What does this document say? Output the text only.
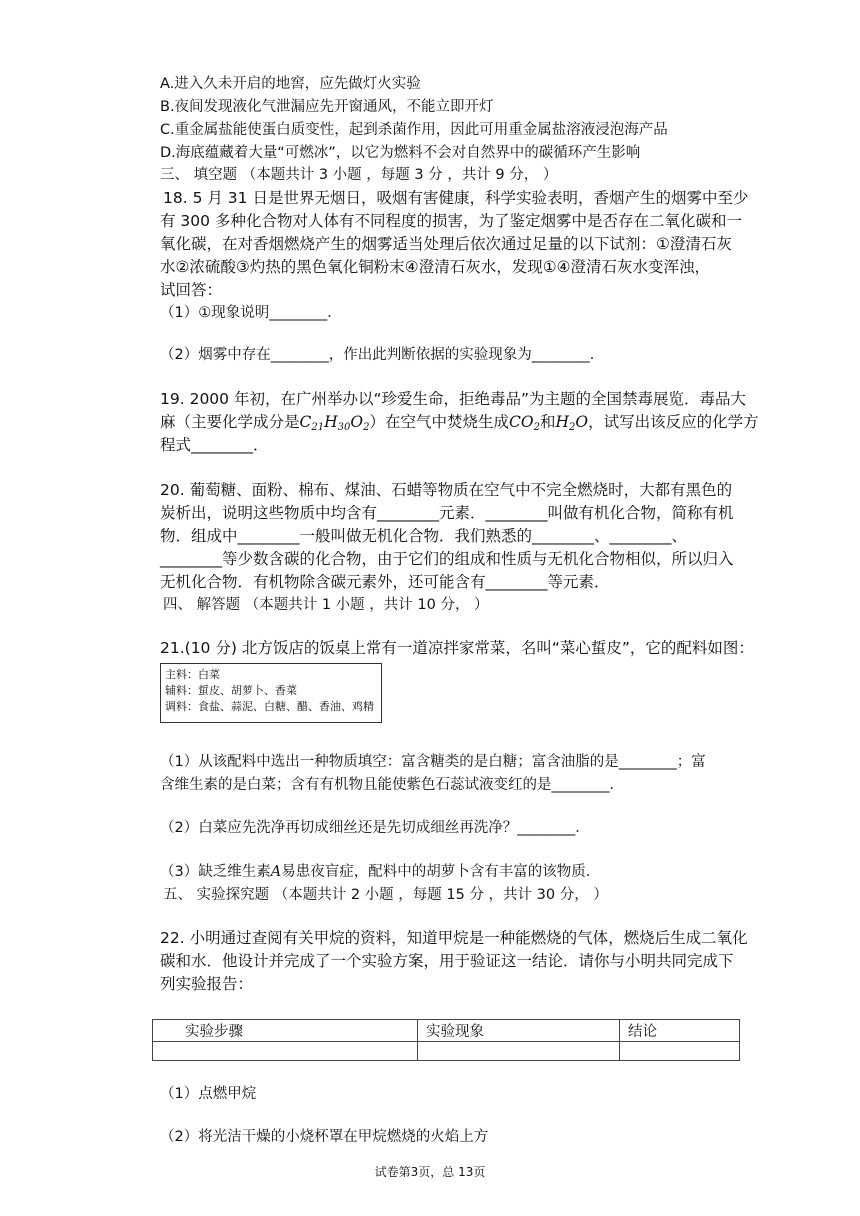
A.进入久未开启的地窖，应先做灯火实验
B.夜间发现液化气泄漏应先开窗通风，不能立即开灯
C.重金属盐能使蛋白质变性，起到杀菌作用，因此可用重金属盐溶液浸泡海产品
D.海底蕴藏着大量“可燃冰”，以它为燃料不会对自然界中的碳循环产生影响
三、 填空题 （本题共计 3 小题 ，每题 3 分 ，共计 9 分， ）
18. 5 月 31 日是世界无烟日，吸烟有害健康，科学实验表明，香烟产生的烟雾中至少
有 300 多种化合物对人体有不同程度的损害，为了鉴定烟雾中是否存在二氧化碳和一
氧化碳，在对香烟燃烧产生的烟雾适当处理后依次通过足量的以下试剂：①澄清石灰
水②浓硫酸③灼热的黑色氧化铜粉末④澄清石灰水，发现①④澄清石灰水变浑浊，
试回答：
（1）①现象说明________．
（2）烟雾中存在________，作出此判断依据的实验现象为________．
19. 2000 年初，在广州举办以“珍爱生命，拒绝毒品”为主题的全国禁毒展览．毒品大
麻（主要化学成分是$C_{21}H_{30}O_2$）在空气中焚烧生成$CO_2$和$H_2O$，试写出该反应的化学方
程式________．
20. 葡萄糖、面粉、棉布、煤油、石蜡等物质在空气中不完全燃烧时，大都有黑色的
炭析出，说明这些物质中均含有________元素．________叫做有机化合物，简称有机
物．组成中________一般叫做无机化合物．我们熟悉的________、________、
________等少数含碳的化合物，由于它们的组成和性质与无机化合物相似，所以归入
无机化合物．有机物除含碳元素外，还可能含有________等元素．
四、 解答题 （本题共计 1 小题 ，共计 10 分， ）
21.(10 分) 北方饭店的饭桌上常有一道凉拌家常菜，名叫“菜心蜇皮”，它的配料如图：
主料：白菜
辅料：蜇皮、胡萝卜、香菜
调料：食盐、蒜泥、白糖、醋、香油、鸡精
（1）从该配料中选出一种物质填空：富含糖类的是白糖；富含油脂的是________；富
含维生素的是白菜；含有有机物且能使紫色石蕊试液变红的是________．
（2）白菜应先洗净再切成细丝还是先切成细丝再洗净？________．
（3）缺乏维生素A易患夜盲症，配料中的胡萝卜含有丰富的该物质．
五、 实验探究题 （本题共计 2 小题 ，每题 15 分 ，共计 30 分， ）
22. 小明通过查阅有关甲烷的资料，知道甲烷是一种能燃烧的气体，燃烧后生成二氧化
碳和水．他设计并完成了一个实验方案，用于验证这一结论．请你与小明共同完成下
列实验报告：
实验步骤	实验现象	结论

（1）点燃甲烷
（2）将光洁干燥的小烧杯罩在甲烷燃烧的火焰上方
试卷第3页，总 13页
